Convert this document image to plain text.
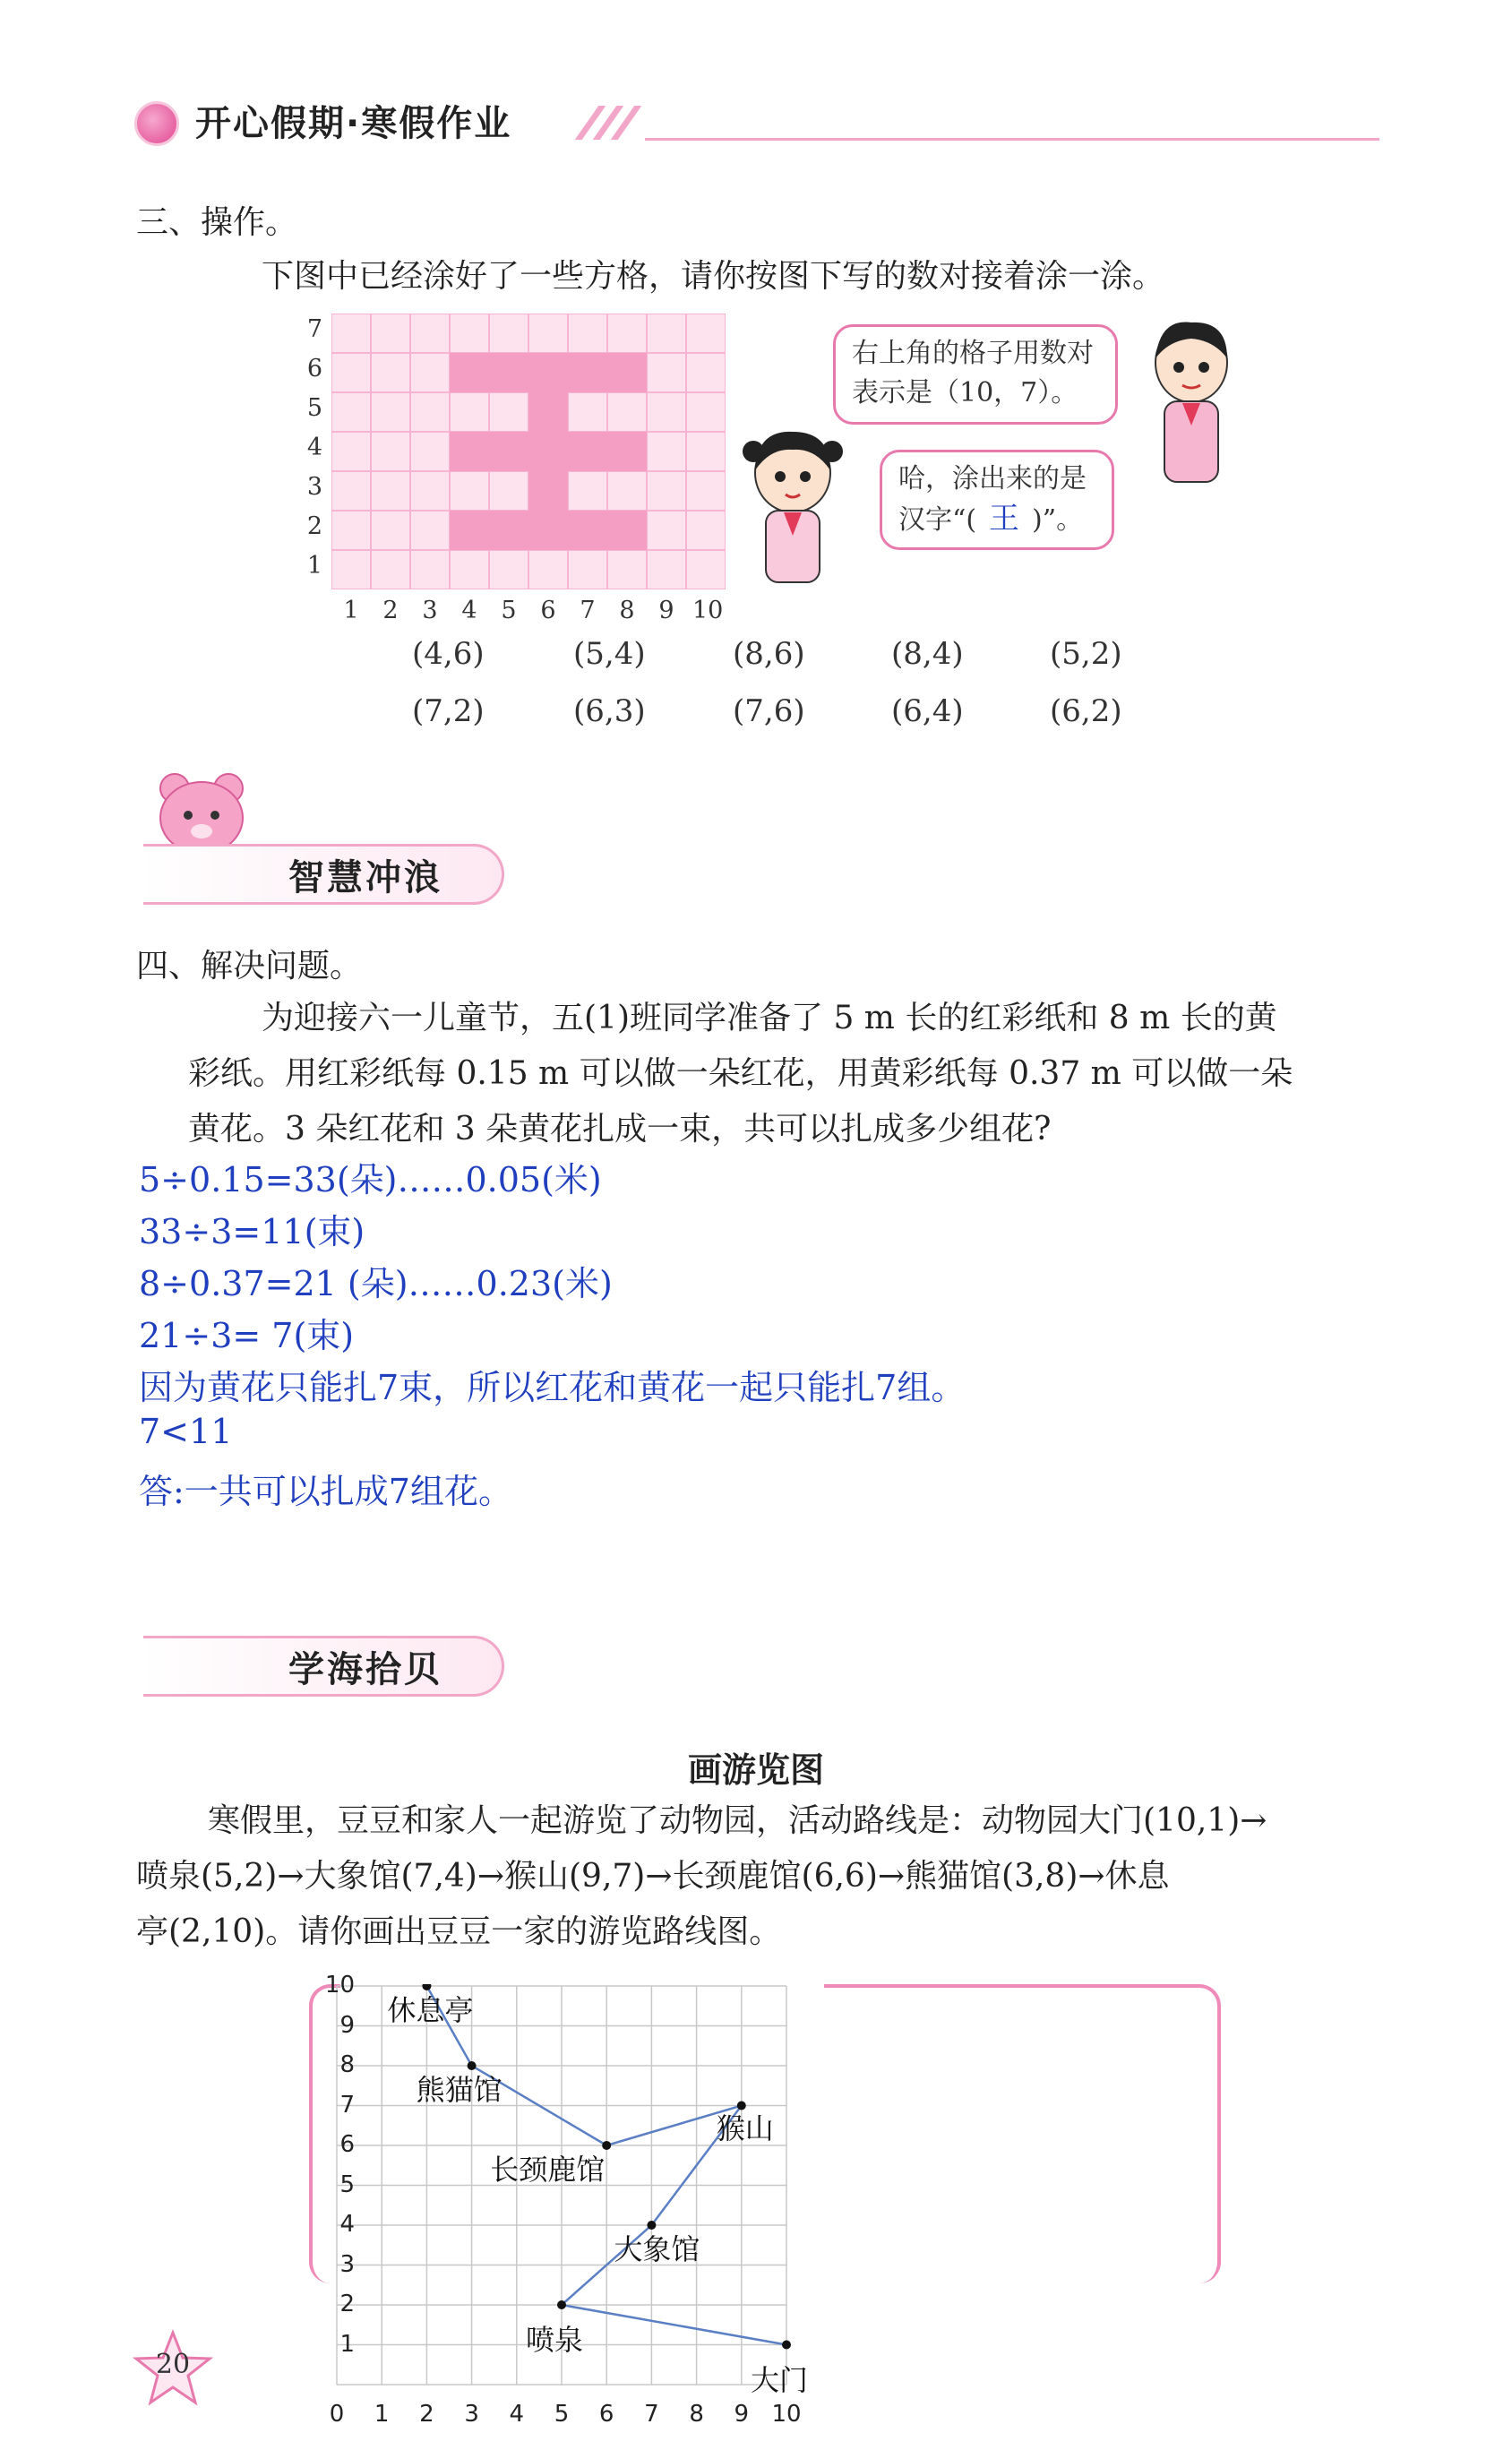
开心假期·寒假作业
三、操作。
下图中已经涂好了一些方格，请你按图下写的数对接着涂一涂。
7
6
5
4
3
2
1
1 2 3 4 5 6 7 8 9 10
右上角的格子用数对
表示是（10，7）。
哈，涂出来的是
汉字“( 王 )”。
(4,6)	(5,4)	(8,6)	(8,4)	(5,2)
(7,2)	(6,3)	(7,6)	(6,4)	(6,2)
智慧冲浪
四、解决问题。
为迎接六一儿童节，五(1)班同学准备了 5 m 长的红彩纸和 8 m 长的黄
彩纸。用红彩纸每 0.15 m 可以做一朵红花，用黄彩纸每 0.37 m 可以做一朵
黄花。3 朵红花和 3 朵黄花扎成一束，共可以扎成多少组花?
5÷0.15=33(朵)……0.05(米)
33÷3=11(束)
8÷0.37=21 (朵)……0.23(米)
21÷3= 7(束)
因为黄花只能扎7束，所以红花和黄花一起只能扎7组。
7<11
答:一共可以扎成7组花。
学海拾贝
画游览图
寒假里，豆豆和家人一起游览了动物园，活动路线是：动物园大门(10,1)→
喷泉(5,2)→大象馆(7,4)→猴山(9,7)→长颈鹿馆(6,6)→熊猫馆(3,8)→休息
亭(2,10)。请你画出豆豆一家的游览路线图。
10
9
8
7
6
5
4
3
2
1
0	1	2	3	4	5	6	7	8	9 10
大门
喷泉
大象馆
猴山
长颈鹿馆
熊猫馆
休息亭
20
